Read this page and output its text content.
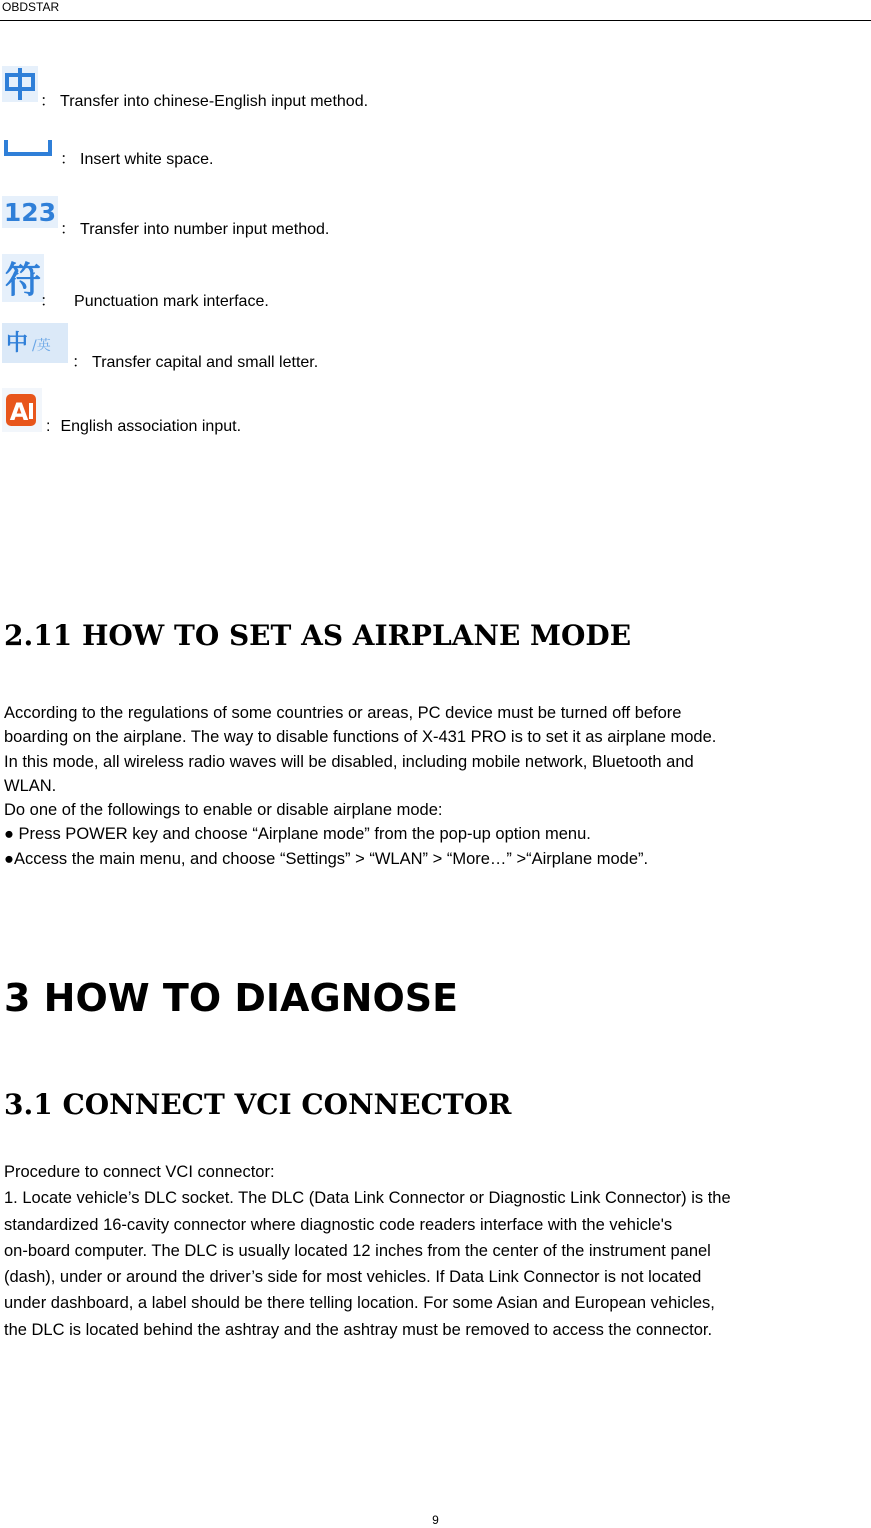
OBDSTAR
： Transfer into chinese-English input method.
： Insert white space.
123
： Transfer into number input method.
符
： Punctuation mark interface.
中 /英
： Transfer capital and small letter.
A
: English association input.
2.11 HOW TO SET AS AIRPLANE MODE
According to the regulations of some countries or areas, PC device must be turned off before
boarding on the airplane. The way to disable functions of X-431 PRO is to set it as airplane mode.
In this mode, all wireless radio waves will be disabled, including mobile network, Bluetooth and
WLAN.
Do one of the followings to enable or disable airplane mode:
● Press POWER key and choose “Airplane mode” from the pop-up option menu.
●Access the main menu, and choose “Settings” > “WLAN” > “More…” >“Airplane mode”.
3 HOW TO DIAGNOSE
3.1 CONNECT VCI CONNECTOR
Procedure to connect VCI connector:
1. Locate vehicle’s DLC socket. The DLC (Data Link Connector or Diagnostic Link Connector) is the
standardized 16-cavity connector where diagnostic code readers interface with the vehicle's
on-board computer. The DLC is usually located 12 inches from the center of the instrument panel
(dash), under or around the driver’s side for most vehicles. If Data Link Connector is not located
under dashboard, a label should be there telling location. For some Asian and European vehicles,
the DLC is located behind the ashtray and the ashtray must be removed to access the connector.
9
